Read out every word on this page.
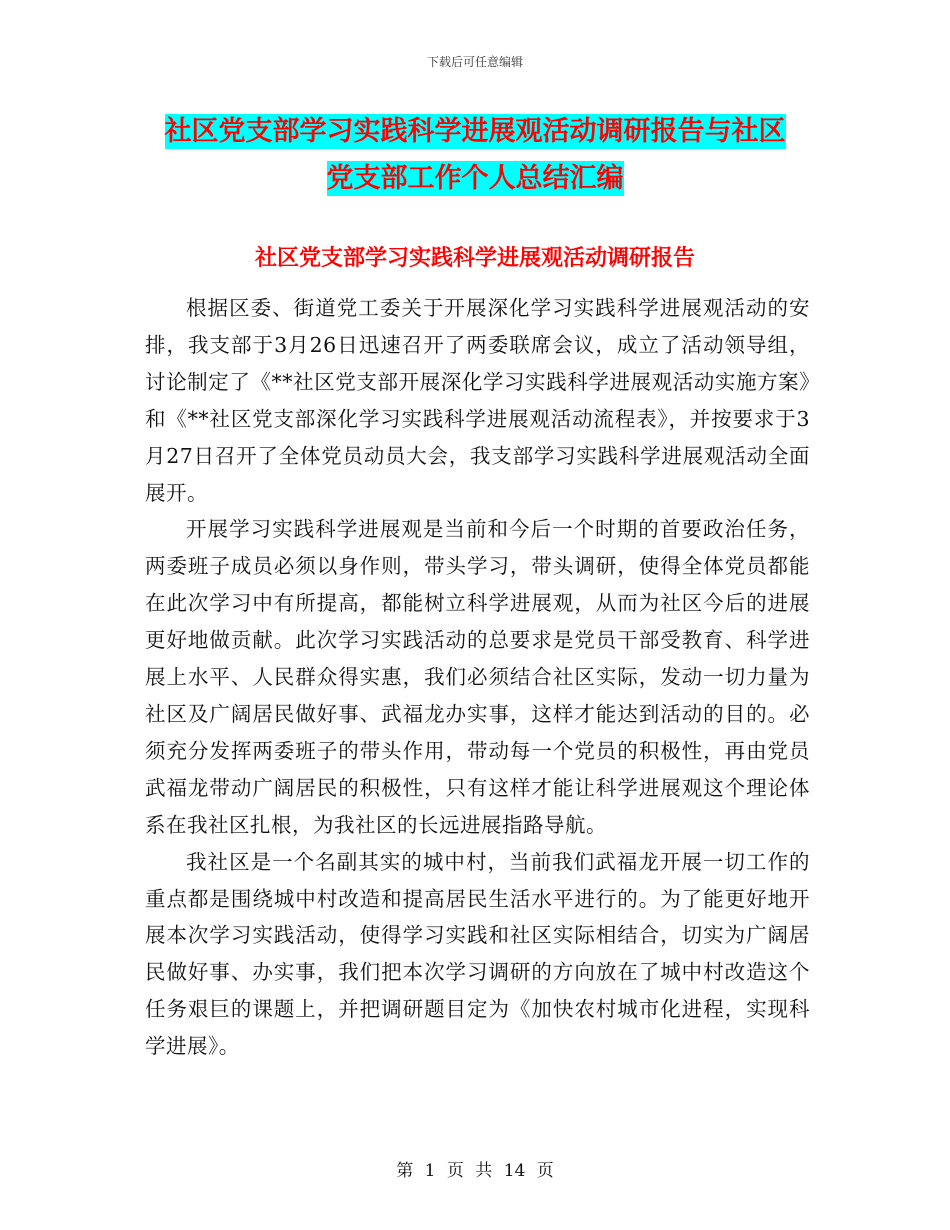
下载后可任意编辑
社区党支部学习实践科学进展观活动调研报告与社区
党支部工作个人总结汇编
社区党支部学习实践科学进展观活动调研报告

根据区委、街道党工委关于开展深化学习实践科学进展观活动的安排，我支部于3月26日迅速召开了两委联席会议，成立了活动领导组，讨论制定了《**社区党支部开展深化学习实践科学进展观活动实施方案》和《**社区党支部深化学习实践科学进展观活动流程表》，并按要求于3月27日召开了全体党员动员大会，我支部学习实践科学进展观活动全面展开。

开展学习实践科学进展观是当前和今后一个时期的首要政治任务，两委班子成员必须以身作则，带头学习，带头调研，使得全体党员都能在此次学习中有所提高，都能树立科学进展观，从而为社区今后的进展更好地做贡献。此次学习实践活动的总要求是党员干部受教育、科学进展上水平、人民群众得实惠，我们必须结合社区实际，发动一切力量为社区及广阔居民做好事、武福龙办实事，这样才能达到活动的目的。必须充分发挥两委班子的带头作用，带动每一个党员的积极性，再由党员武福龙带动广阔居民的积极性，只有这样才能让科学进展观这个理论体系在我社区扎根，为我社区的长远进展指路导航。

我社区是一个名副其实的城中村，当前我们武福龙开展一切工作的重点都是围绕城中村改造和提高居民生活水平进行的。为了能更好地开展本次学习实践活动，使得学习实践和社区实际相结合，切实为广阔居民做好事、办实事，我们把本次学习调研的方向放在了城中村改造这个任务艰巨的课题上，并把调研题目定为《加快农村城市化进程，实现科学进展》。

第 1 页 共 14 页
